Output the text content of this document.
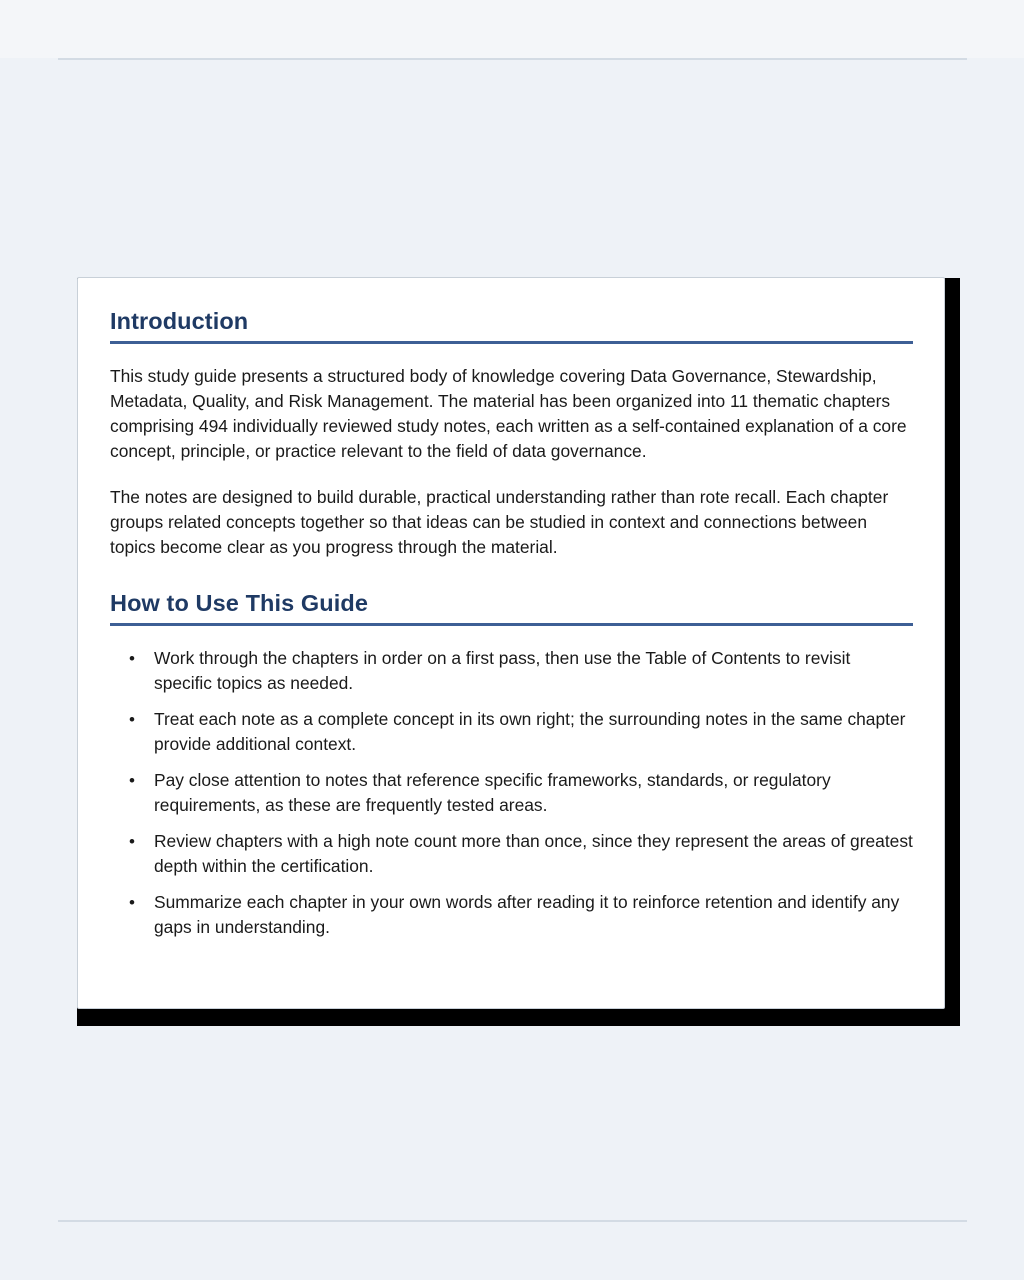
Introduction

This study guide presents a structured body of knowledge covering Data Governance, Stewardship, Metadata, Quality, and Risk Management. The material has been organized into 11 thematic chapters comprising 494 individually reviewed study notes, each written as a self-contained explanation of a core concept, principle, or practice relevant to the field of data governance.

The notes are designed to build durable, practical understanding rather than rote recall. Each chapter groups related concepts together so that ideas can be studied in context and connections between topics become clear as you progress through the material.

How to Use This Guide
• Work through the chapters in order on a first pass, then use the Table of Contents to revisit specific topics as needed.
• Treat each note as a complete concept in its own right; the surrounding notes in the same chapter provide additional context.
• Pay close attention to notes that reference specific frameworks, standards, or regulatory requirements, as these are frequently tested areas.
• Review chapters with a high note count more than once, since they represent the areas of greatest depth within the certification.
• Summarize each chapter in your own words after reading it to reinforce retention and identify any gaps in understanding.
